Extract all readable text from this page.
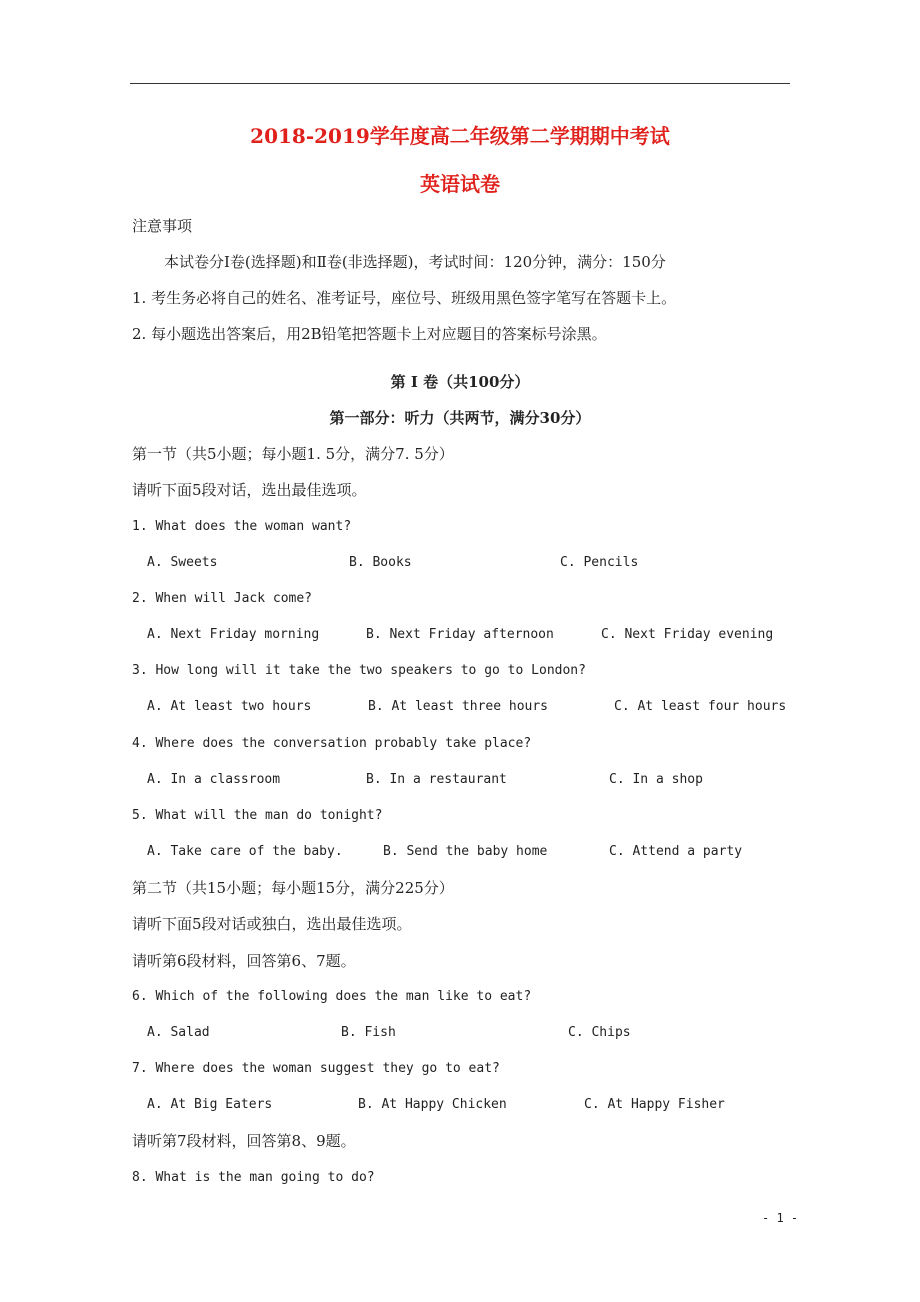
2018-2019学年度高二年级第二学期期中考试
英语试卷
注意事项
本试卷分Ⅰ卷(选择题)和Ⅱ卷(非选择题)，考试时间：120分钟，满分：150分
1. 考生务必将自己的姓名、准考证号，座位号、班级用黑色签字笔写在答题卡上。
2. 每小题选出答案后，用2B铅笔把答题卡上对应题目的答案标号涂黑。
第 Ⅰ 卷（共100分）
第一部分：听力（共两节，满分30分）
第一节（共5小题；每小题1. 5分，满分7. 5分）
请听下面5段对话，选出最佳选项。
1. What does the woman want?
A. Sweets	B. Books	C. Pencils
2. When will Jack come?
A. Next Friday morning	B. Next Friday afternoon	C. Next Friday evening
3. How long will it take the two speakers to go to London?
A. At least two hours	B. At least three hours	C. At least four hours
4. Where does the conversation probably take place?
A. In a classroom	B. In a restaurant	C. In a shop
5. What will the man do tonight?
A. Take care of the baby.	B. Send the baby home	C. Attend a party
第二节（共15小题；每小题15分，满分225分）
请听下面5段对话或独白，选出最佳选项。
请听第6段材料，回答第6、7题。
6. Which of the following does the man like to eat?
A. Salad	B. Fish	C. Chips
7. Where does the woman suggest they go to eat?
A. At Big Eaters	B. At Happy Chicken	C. At Happy Fisher
请听第7段材料，回答第8、9题。
8. What is the man going to do?
- 1 -
